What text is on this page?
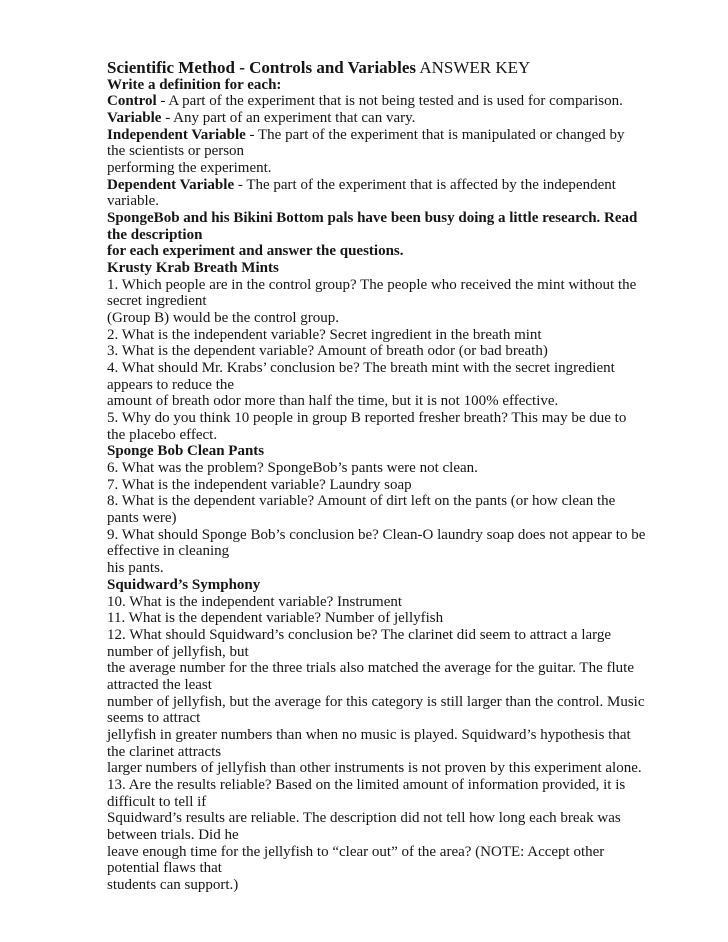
Scientific Method - Controls and Variables ANSWER KEY
Write a definition for each:
Control - A part of the experiment that is not being tested and is used for comparison.
Variable - Any part of an experiment that can vary.
Independent Variable - The part of the experiment that is manipulated or changed by
the scientists or person
performing the experiment.
Dependent Variable - The part of the experiment that is affected by the independent
variable.
SpongeBob and his Bikini Bottom pals have been busy doing a little research. Read
the description
for each experiment and answer the questions.
Krusty Krab Breath Mints
1. Which people are in the control group? The people who received the mint without the
secret ingredient
(Group B) would be the control group.
2. What is the independent variable? Secret ingredient in the breath mint
3. What is the dependent variable? Amount of breath odor (or bad breath)
4. What should Mr. Krabs’ conclusion be? The breath mint with the secret ingredient
appears to reduce the
amount of breath odor more than half the time, but it is not 100% effective.
5. Why do you think 10 people in group B reported fresher breath? This may be due to
the placebo effect.
Sponge Bob Clean Pants
6. What was the problem? SpongeBob’s pants were not clean.
7. What is the independent variable? Laundry soap
8. What is the dependent variable? Amount of dirt left on the pants (or how clean the
pants were)
9. What should Sponge Bob’s conclusion be? Clean-O laundry soap does not appear to be
effective in cleaning
his pants.
Squidward’s Symphony
10. What is the independent variable? Instrument
11. What is the dependent variable? Number of jellyfish
12. What should Squidward’s conclusion be? The clarinet did seem to attract a large
number of jellyfish, but
the average number for the three trials also matched the average for the guitar. The flute
attracted the least
number of jellyfish, but the average for this category is still larger than the control. Music
seems to attract
jellyfish in greater numbers than when no music is played. Squidward’s hypothesis that
the clarinet attracts
larger numbers of jellyfish than other instruments is not proven by this experiment alone.
13. Are the results reliable? Based on the limited amount of information provided, it is
difficult to tell if
Squidward’s results are reliable. The description did not tell how long each break was
between trials. Did he
leave enough time for the jellyfish to “clear out” of the area? (NOTE: Accept other
potential flaws that
students can support.)
